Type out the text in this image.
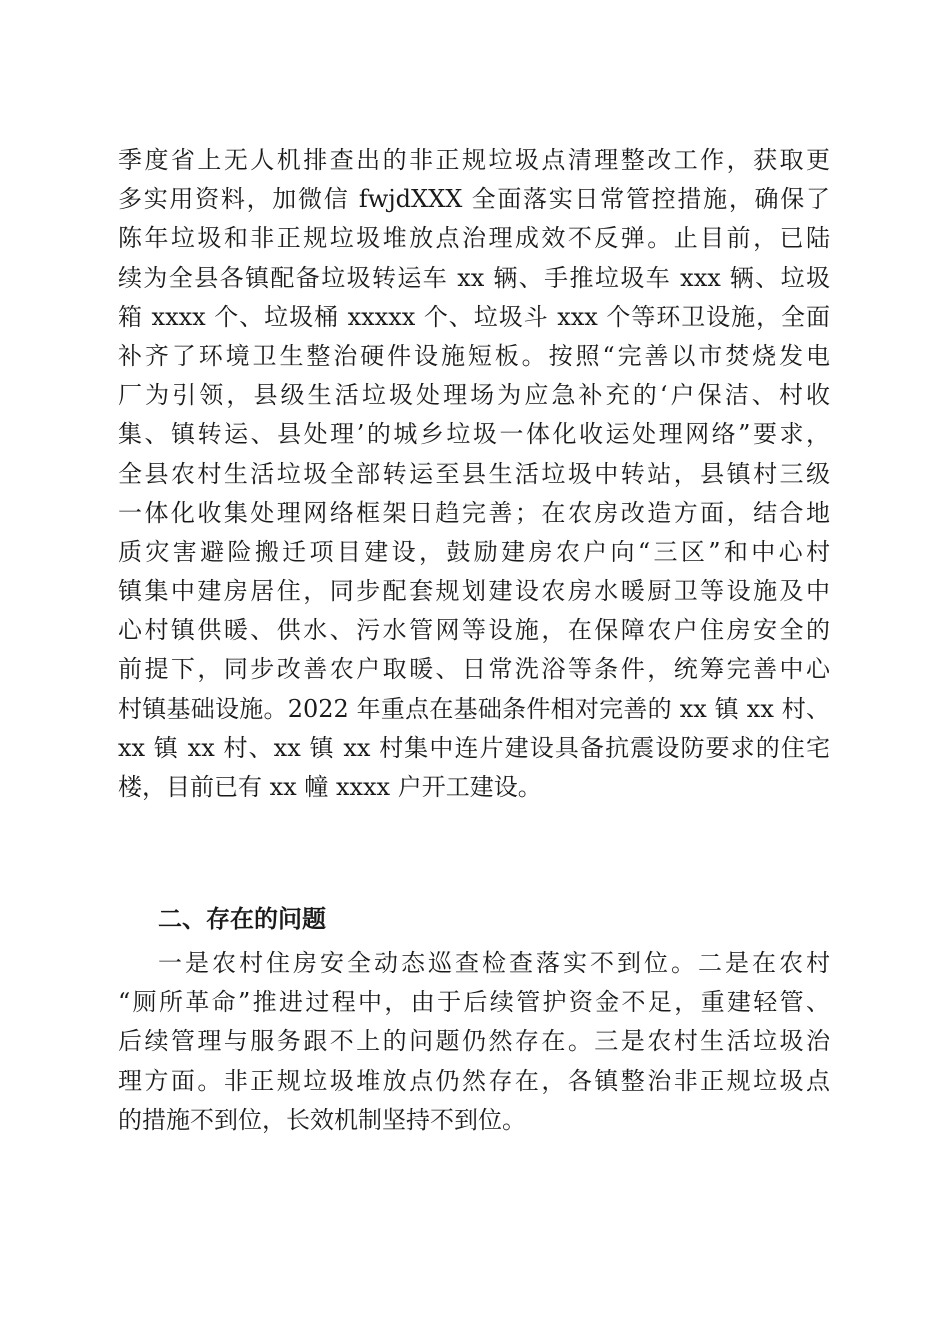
季度省上无人机排查出的非正规垃圾点清理整改工作，获取更
多实用资料，加微信 fwjdXXX 全面落实日常管控措施，确保了
陈年垃圾和非正规垃圾堆放点治理成效不反弹。止目前，已陆
续为全县各镇配备垃圾转运车 xx 辆、手推垃圾车 xxx 辆、垃圾
箱 xxxx 个、垃圾桶 xxxxx 个、垃圾斗 xxx 个等环卫设施，全面
补齐了环境卫生整治硬件设施短板。按照“完善以市焚烧发电
厂为引领，县级生活垃圾处理场为应急补充的‘户保洁、村收
集、镇转运、县处理’的城乡垃圾一体化收运处理网络”要求，
全县农村生活垃圾全部转运至县生活垃圾中转站，县镇村三级
一体化收集处理网络框架日趋完善；在农房改造方面，结合地
质灾害避险搬迁项目建设，鼓励建房农户向“三区”和中心村
镇集中建房居住，同步配套规划建设农房水暖厨卫等设施及中
心村镇供暖、供水、污水管网等设施，在保障农户住房安全的
前提下，同步改善农户取暖、日常洗浴等条件，统筹完善中心
村镇基础设施。2022 年重点在基础条件相对完善的 xx 镇 xx 村、
xx 镇 xx 村、xx 镇 xx 村集中连片建设具备抗震设防要求的住宅
楼，目前已有 xx 幢 xxxx 户开工建设。
二、存在的问题
一是农村住房安全动态巡查检查落实不到位。二是在农村
“厕所革命”推进过程中，由于后续管护资金不足，重建轻管、
后续管理与服务跟不上的问题仍然存在。三是农村生活垃圾治
理方面。非正规垃圾堆放点仍然存在，各镇整治非正规垃圾点
的措施不到位，长效机制坚持不到位。
